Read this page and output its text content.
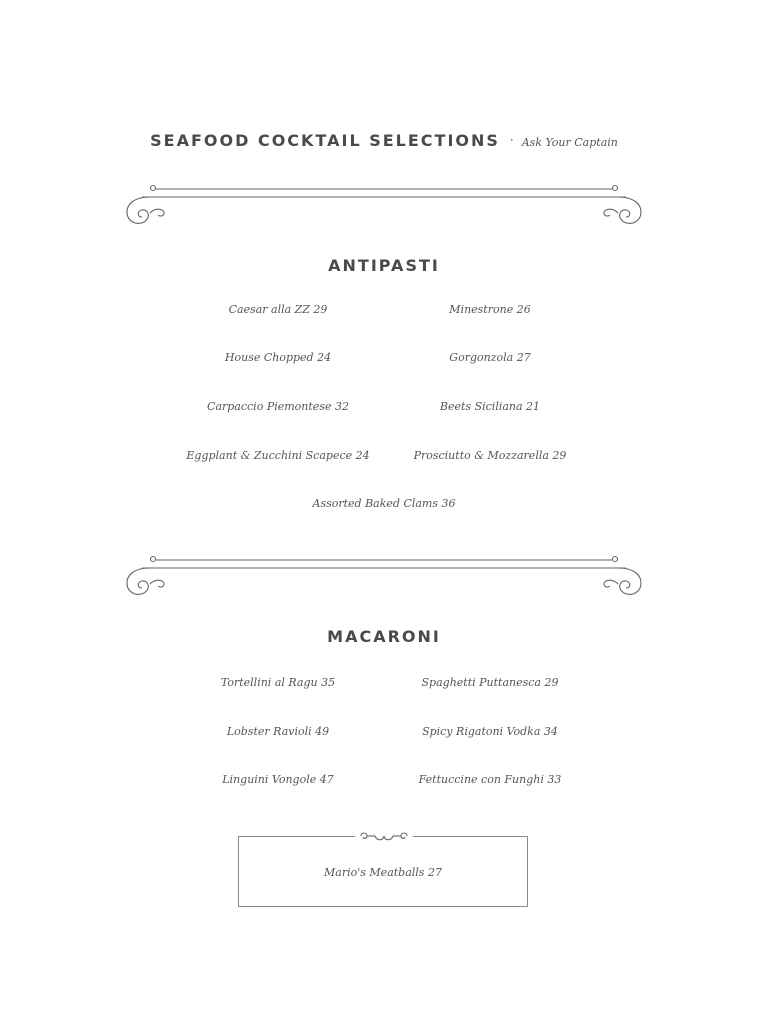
SEAFOOD COCKTAIL SELECTIONS · Ask Your Captain
ANTIPASTI
Caesar alla ZZ 29
House Chopped 24
Carpaccio Piemontese 32
Eggplant & Zucchini Scapece 24
Minestrone 26
Gorgonzola 27
Beets Siciliana 21
Prosciutto & Mozzarella 29
Assorted Baked Clams 36
MACARONI
Tortellini al Ragu 35
Lobster Ravioli 49
Linguini Vongole 47
Spaghetti Puttanesca 29
Spicy Rigatoni Vodka 34
Fettuccine con Funghi 33
Mario's Meatballs 27
